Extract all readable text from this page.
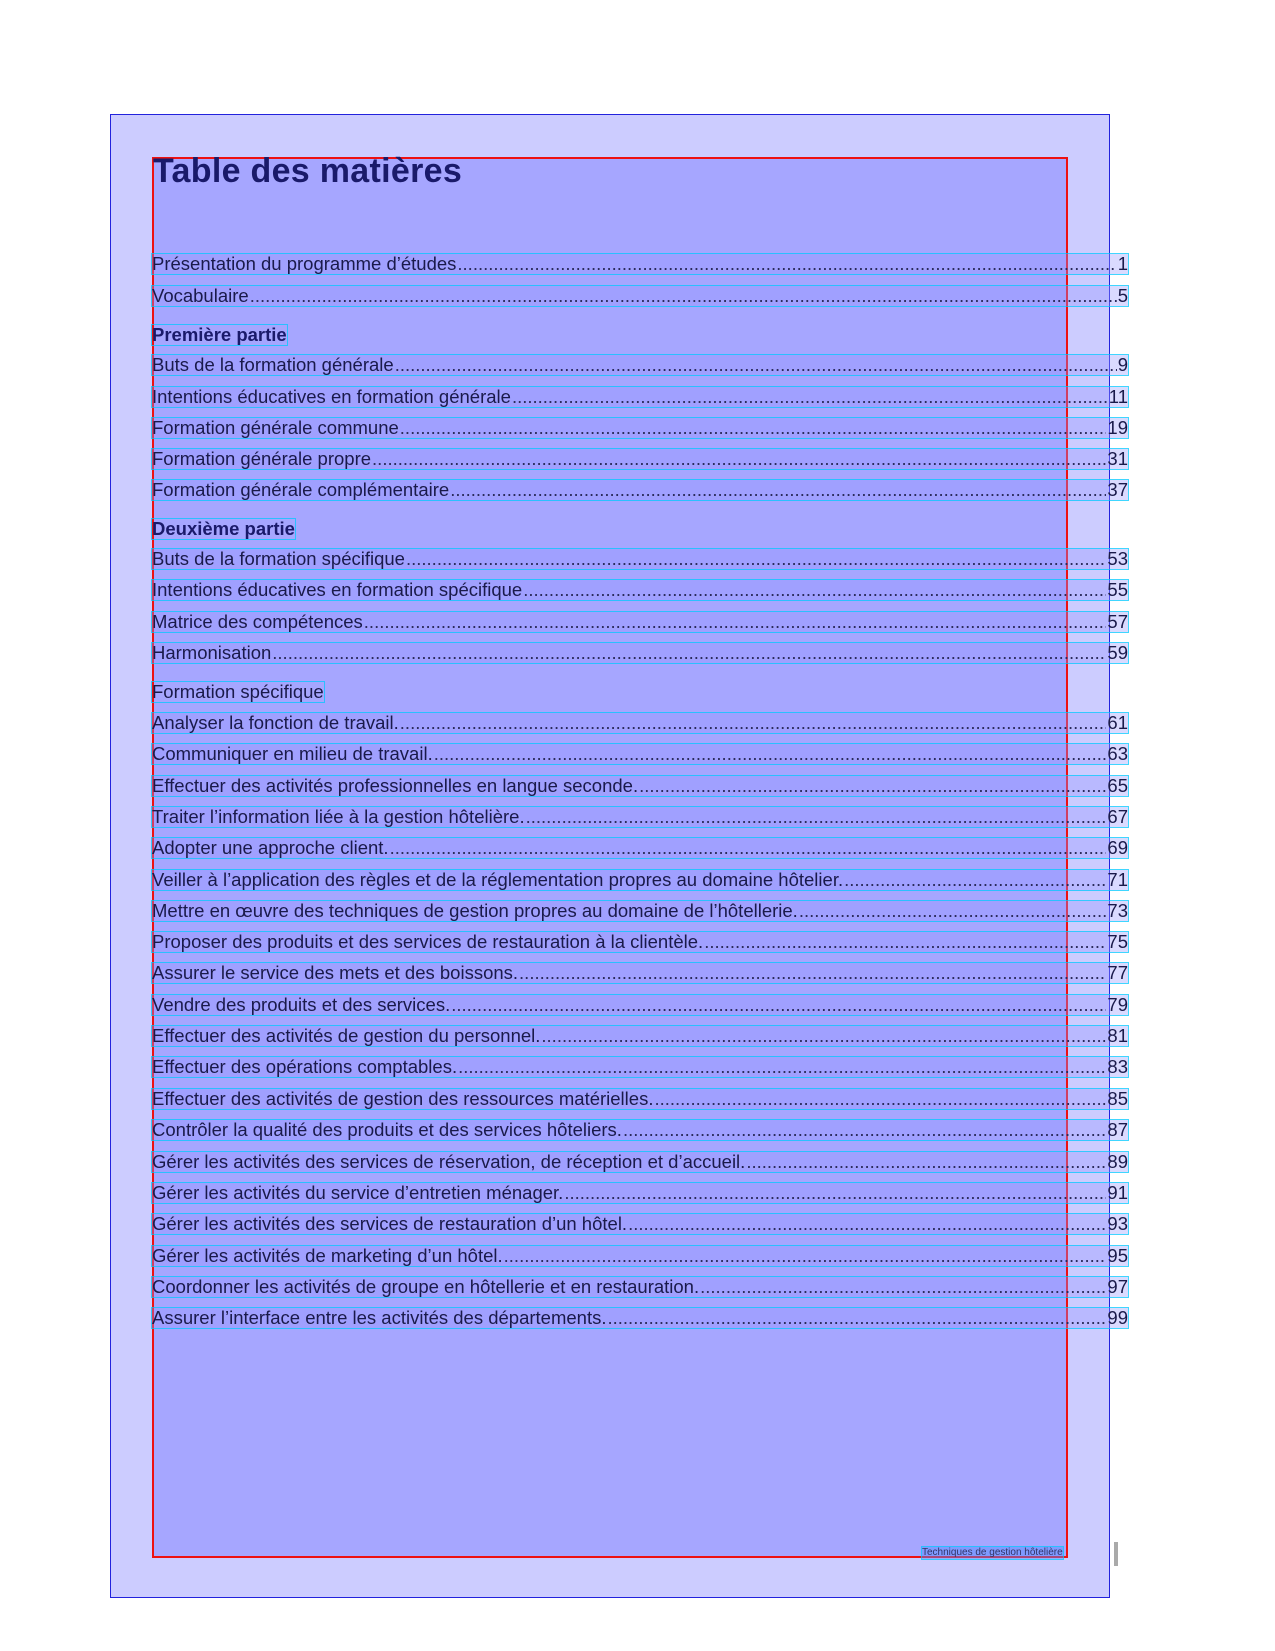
Table des matières
Présentation du programme d’études .....	1
Vocabulaire .....	5
Première partie
Buts de la formation générale .....	9
Intentions éducatives en formation générale .....	11
Formation générale commune .....	19
Formation générale propre .....	31
Formation générale complémentaire .....	37
Deuxième partie
Buts de la formation spécifique .....	53
Intentions éducatives en formation spécifique .....	55
Matrice des compétences .....	57
Harmonisation .....	59
Formation spécifique
Analyser la fonction de travail. .....	61
Communiquer en milieu de travail. .....	63
Effectuer des activités professionnelles en langue seconde. .....	65
Traiter l’information liée à la gestion hôtelière. .....	67
Adopter une approche client. .....	69
Veiller à l’application des règles et de la réglementation propres au domaine hôtelier. .....	71
Mettre en œuvre des techniques de gestion propres au domaine de l’hôtellerie. .....	73
Proposer des produits et des services de restauration à la clientèle. .....	75
Assurer le service des mets et des boissons. .....	77
Vendre des produits et des services. .....	79
Effectuer des activités de gestion du personnel. .....	81
Effectuer des opérations comptables. .....	83
Effectuer des activités de gestion des ressources matérielles. .....	85
Contrôler la qualité des produits et des services hôteliers. .....	87
Gérer les activités des services de réservation, de réception et d’accueil. .....	89
Gérer les activités du service d’entretien ménager. .....	91
Gérer les activités des services de restauration d’un hôtel. .....	93
Gérer les activités de marketing d’un hôtel. .....	95
Coordonner les activités de groupe en hôtellerie et en restauration. .....	97
Assurer l’interface entre les activités des départements. .....	99
Techniques de gestion hôtelière
